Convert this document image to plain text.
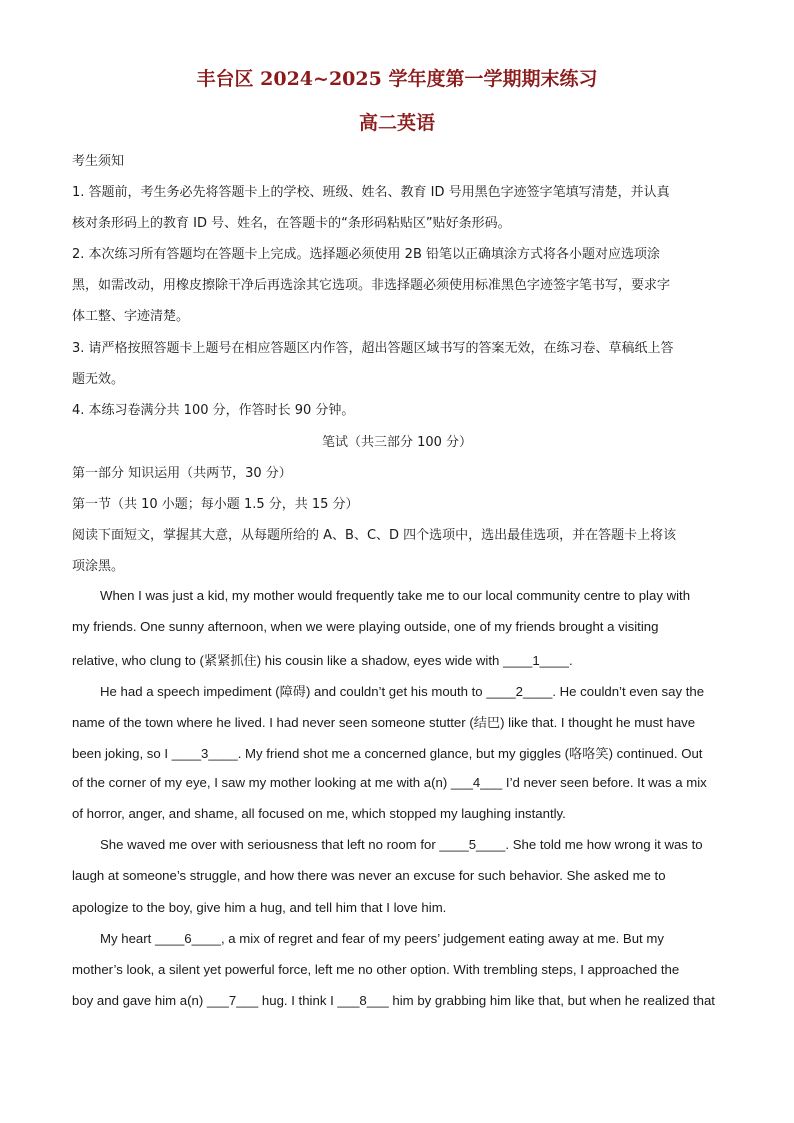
丰台区 2024~2025 学年度第一学期期末练习
高二英语
考生须知
1. 答题前，考生务必先将答题卡上的学校、班级、姓名、教育 ID 号用黑色字迹签字笔填写清楚，并认真
核对条形码上的教育 ID 号、姓名，在答题卡的“条形码粘贴区”贴好条形码。
2. 本次练习所有答题均在答题卡上完成。选择题必须使用 2B 铅笔以正确填涂方式将各小题对应选项涂
黑，如需改动，用橡皮擦除干净后再选涂其它选项。非选择题必须使用标准黑色字迹签字笔书写，要求字
体工整、字迹清楚。
3. 请严格按照答题卡上题号在相应答题区内作答，超出答题区域书写的答案无效，在练习卷、草稿纸上答
题无效。
4. 本练习卷满分共 100 分，作答时长 90 分钟。
笔试（共三部分 100 分）
第一部分 知识运用（共两节，30 分）
第一节（共 10 小题；每小题 1.5 分，共 15 分）
阅读下面短文，掌握其大意，从每题所给的 A、B、C、D 四个选项中，选出最佳选项，并在答题卡上将该
项涂黑。
When I was just a kid, my mother would frequently take me to our local community centre to play with
my friends. One sunny afternoon, when we were playing outside, one of my friends brought a visiting
relative, who clung to (紧紧抓住) his cousin like a shadow, eyes wide with ____1____.
He had a speech impediment (障碍) and couldn’t get his mouth to ____2____. He couldn’t even say the
name of the town where he lived. I had never seen someone stutter (结巴) like that. I thought he must have
been joking, so I ____3____. My friend shot me a concerned glance, but my giggles (咯咯笑) continued. Out
of the corner of my eye, I saw my mother looking at me with a(n) ___4___ I’d never seen before. It was a mix
of horror, anger, and shame, all focused on me, which stopped my laughing instantly.
She waved me over with seriousness that left no room for ____5____. She told me how wrong it was to
laugh at someone’s struggle, and how there was never an excuse for such behavior. She asked me to
apologize to the boy, give him a hug, and tell him that I love him.
My heart ____6____, a mix of regret and fear of my peers’ judgement eating away at me. But my
mother’s look, a silent yet powerful force, left me no other option. With trembling steps, I approached the
boy and gave him a(n) ___7___ hug. I think I ___8___ him by grabbing him like that, but when he realized that
